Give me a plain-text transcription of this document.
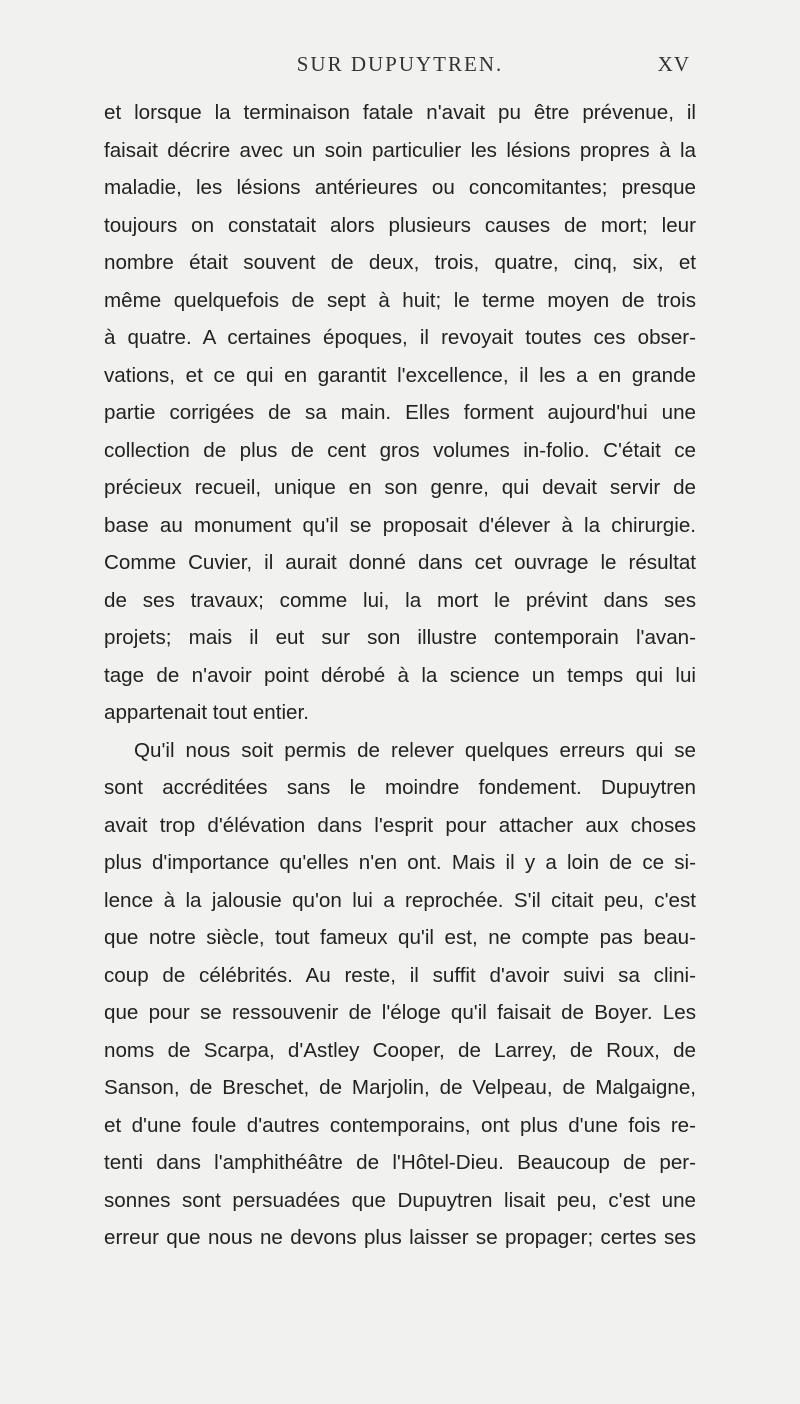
SUR DUPUYTREN.	XV

et lorsque la terminaison fatale n'avait pu être prévenue, il
faisait décrire avec un soin particulier les lésions propres à la
maladie, les lésions antérieures ou concomitantes; presque
toujours on constatait alors plusieurs causes de mort; leur
nombre était souvent de deux, trois, quatre, cinq, six, et
même quelquefois de sept à huit; le terme moyen de trois
à quatre. A certaines époques, il revoyait toutes ces obser-
vations, et ce qui en garantit l'excellence, il les a en grande
partie corrigées de sa main. Elles forment aujourd'hui une
collection de plus de cent gros volumes in-folio. C'était ce
précieux recueil, unique en son genre, qui devait servir de
base au monument qu'il se proposait d'élever à la chirurgie.
Comme Cuvier, il aurait donné dans cet ouvrage le résultat
de ses travaux; comme lui, la mort le prévint dans ses
projets; mais il eut sur son illustre contemporain l'avan-
tage de n'avoir point dérobé à la science un temps qui lui
appartenait tout entier.

Qu'il nous soit permis de relever quelques erreurs qui se
sont accréditées sans le moindre fondement. Dupuytren
avait trop d'élévation dans l'esprit pour attacher aux choses
plus d'importance qu'elles n'en ont. Mais il y a loin de ce si-
lence à la jalousie qu'on lui a reprochée. S'il citait peu, c'est
que notre siècle, tout fameux qu'il est, ne compte pas beau-
coup de célébrités. Au reste, il suffit d'avoir suivi sa clini-
que pour se ressouvenir de l'éloge qu'il faisait de Boyer. Les
noms de Scarpa, d'Astley Cooper, de Larrey, de Roux, de
Sanson, de Breschet, de Marjolin, de Velpeau, de Malgaigne,
et d'une foule d'autres contemporains, ont plus d'une fois re-
tenti dans l'amphithéâtre de l'Hôtel-Dieu. Beaucoup de per-
sonnes sont persuadées que Dupuytren lisait peu, c'est une
erreur que nous ne devons plus laisser se propager; certes ses
